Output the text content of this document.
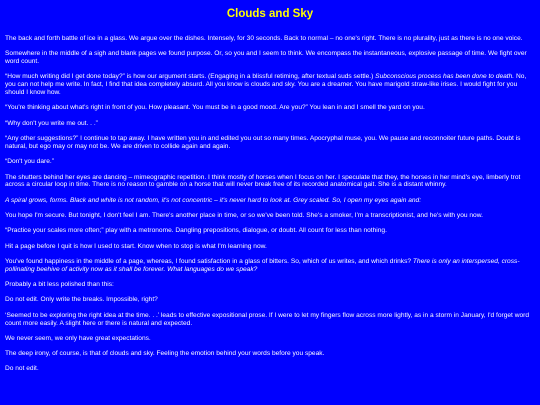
Clouds and Sky

The back and forth battle of ice in a glass. We argue over the dishes. Intensely, for 30 seconds. Back to normal – no one's right. There is no plurality, just as there is no one voice.

Somewhere in the middle of a sigh and blank pages we found purpose. Or, so you and I seem to think. We encompass the instantaneous, explosive passage of time. We fight over word count.

“How much writing did I get done today?” is how our argument starts. (Engaging in a blissful retiming, after textual suds settle.) Subconscious process has been done to death. No, you can not help me write. In fact, I find that idea completely absurd. All you know is clouds and sky. You are a dreamer. You have marigold straw-like irises. I would fight for you should I know how.

“You're thinking about what's right in front of you. How pleasant. You must be in a good mood. Are you?” You lean in and I smell the yard on you.

“Why don't you write me out. . .”

“Any other suggestions?” I continue to tap away. I have written you in and edited you out so many times. Apocryphal muse, you. We pause and reconnoiter future paths. Doubt is natural, but ego may or may not be. We are driven to collide again and again.

“Don't you dare.”

The shutters behind her eyes are dancing – mimeographic repetition. I think mostly of horses when I focus on her. I speculate that they, the horses in her mind's eye, limberly trot across a circular loop in time. There is no reason to gamble on a horse that will never break free of its recorded anatomical gait. She is a distant whinny.

A spiral grows, forms. Black and white is not random, it's not concentric – it's never hard to look at. Grey scaled. So, I open my eyes again and:

You hope I'm secure. But tonight, I don't feel I am. There's another place in time, or so we've been told. She's a smoker, I'm a transcriptionist, and he's with you now.

“Practice your scales more often;” play with a metronome. Dangling prepositions, dialogue, or doubt. All count for less than nothing.

Hit a page before I quit is how I used to start. Know when to stop is what I'm learning now.

You've found happiness in the middle of a page, whereas, I found satisfaction in a glass of bitters. So, which of us writes, and which drinks? There is only an interspersed, cross-pollinating beehive of activity now as it shall be forever. What languages do we speak?

Probably a bit less polished than this:

Do not edit. Only write the breaks. Impossible, right?

‘Seemed to be exploring the right idea at the time. . .’ leads to effective expositional prose. If I were to let my fingers flow across more lightly, as in a storm in January, I'd forget word count more easily. A slight here or there is natural and expected.

We never seem, we only have great expectations.

The deep irony, of course, is that of clouds and sky. Feeling the emotion behind your words before you speak.

Do not edit.
